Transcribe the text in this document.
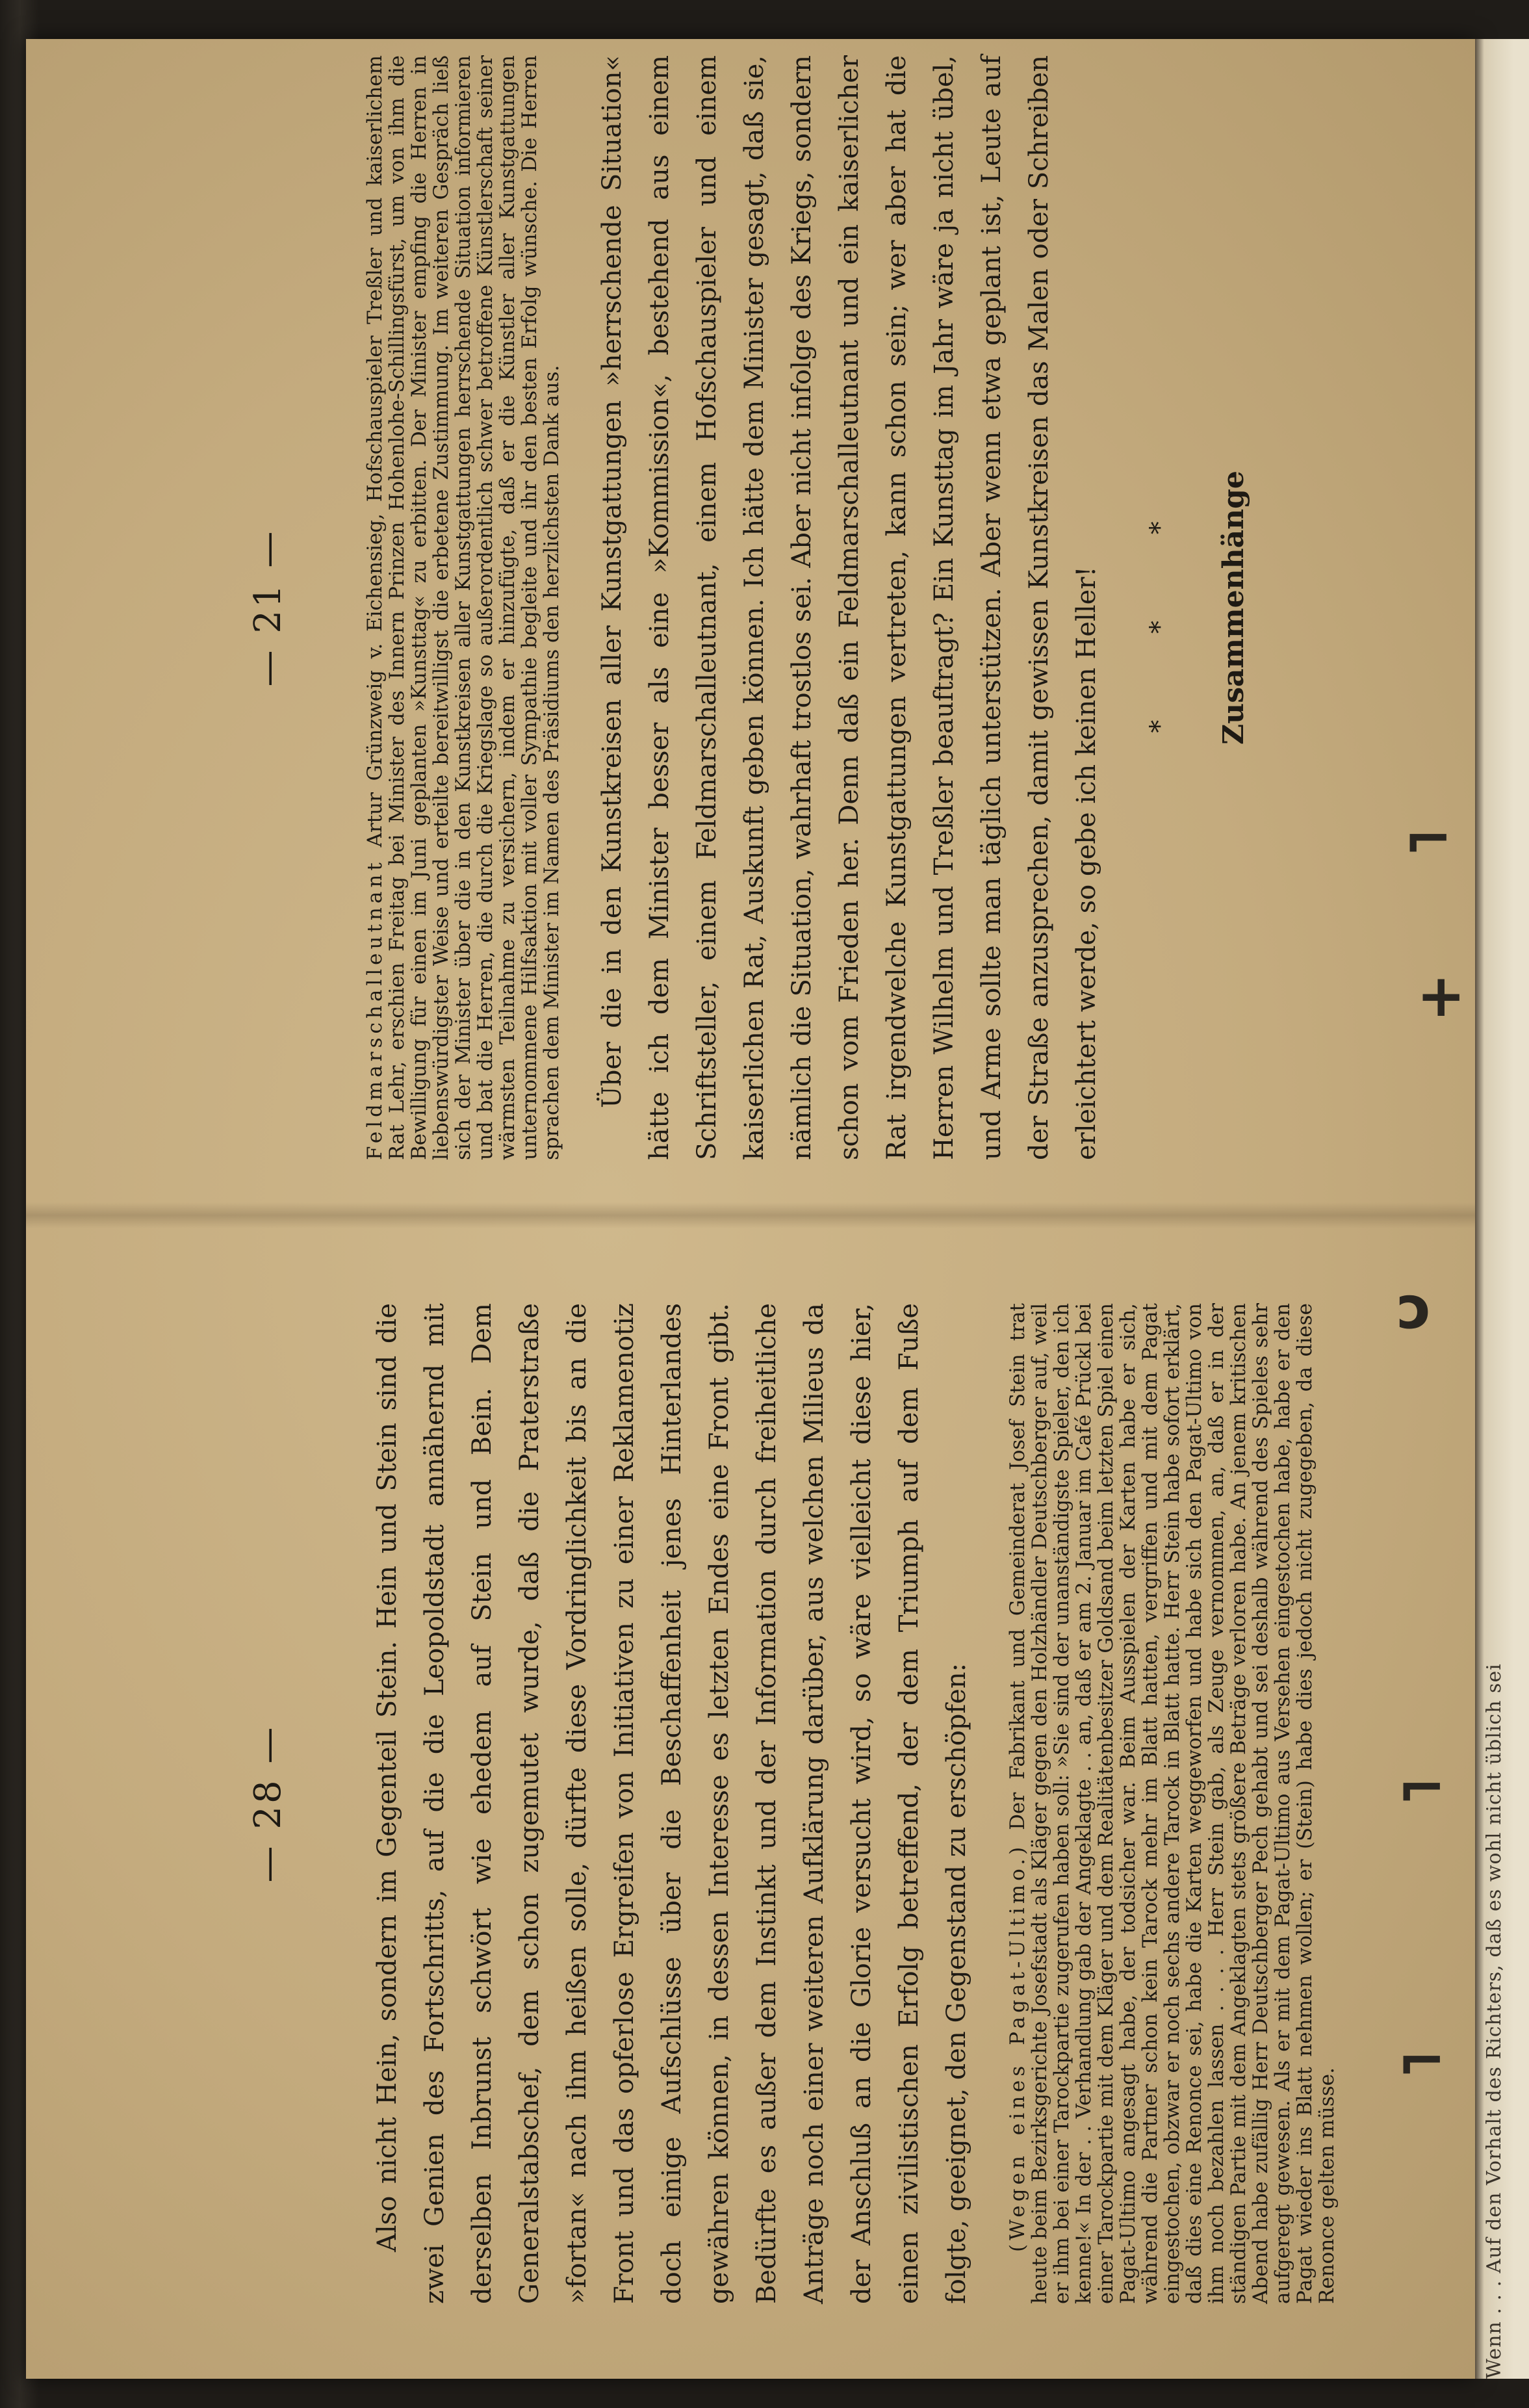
Wenn . . . Auf den Vorhalt des Richters, daß es wohl nicht üblich sei
— 28 —	Also nicht Hein, sondern im Gegenteil Stein. Hein und Stein sind die zwei Genien des Fortschritts, auf die die Leopoldstadt annähernd mit derselben Inbrunst schwört wie ehedem auf Stein und Bein. Dem Generalstabschef, dem schon zugemutet wurde, daß die Praterstraße »fortan« nach ihm heißen solle, dürfte diese Vordringlichkeit bis an die Front und das opferlose Ergreifen von Initiativen zu einer Reklamenotiz doch einige Aufschlüsse über die Beschaffenheit jenes Hinterlandes gewähren können, in dessen Interesse es letzten Endes eine Front gibt. Bedürfte es außer dem Instinkt und der Information durch freiheitliche Anträge noch einer weiteren Aufklärung darüber, aus welchen Milieus da der Anschluß an die Glorie versucht wird, so wäre vielleicht diese hier, einen zivilistischen Erfolg betreffend, der dem Triumph auf dem Fuße folgte, geeignet, den Gegenstand zu erschöpfen:	(Wegen eines Pagat-Ultimo.) Der Fabrikant und Gemeinderat Josef Stein trat heute beim Bezirksgerichte Josefstadt als Kläger gegen den Holzhändler Deutschberger auf, weil er ihm bei einer Tarockpartie zugerufen haben soll: »Sie sind der unanständigste Spieler, den ich kenne!« In der . . Verhandlung gab der Angeklagte . . an, daß er am 2. Januar im Café Prückl bei einer Tarockpartie mit dem Kläger und dem Realitätenbesitzer Goldsand beim letzten Spiel einen Pagat-Ultimo angesagt habe, der todsicher war. Beim Ausspielen der Karten habe er sich, während die Partner schon kein Tarock mehr im Blatt hatten, vergriffen und mit dem Pagat eingestochen, obzwar er noch sechs andere Tarock in Blatt hatte. Herr Stein habe sofort erklärt, daß dies eine Renonce sei, habe die Karten weggeworfen und habe sich den Pagat-Ultimo von ihm noch bezahlen lassen . . . . Herr Stein gab, als Zeuge vernommen, an, daß er in der ständigen Partie mit dem Angeklagten stets größere Beträge verloren habe. An jenem kritischen Abend habe zufällig Herr Deutschberger Pech gehabt und sei deshalb während des Spieles sehr aufgeregt gewesen. Als er mit dem Pagat-Ultimo aus Versehen eingestochen habe, habe er den Pagat wieder ins Blatt nehmen wollen; er (Stein) habe dies jedoch nicht zugegeben, da diese Renonce gelten müsse.

— 21 —

Feldmarschalleutnant Artur Grünzweig v. Eichensieg, Hofschauspieler Treßler und kaiserlichem Rat Lehr, erschien Freitag bei Minister des Innern Prinzen Hohenlohe-Schillingsfürst, um von ihm die Bewilligung für einen im Juni geplanten »Kunsttag« zu erbitten. Der Minister empfing die Herren in liebenswürdigster Weise und erteilte bereitwilligst die erbetene Zustimmung. Im weiteren Gespräch ließ sich der Minister über die in den Kunstkreisen aller Kunstgattungen herrschende Situation informieren und bat die Herren, die durch die Kriegslage so außerordentlich schwer betroffene Künstlerschaft seiner wärmsten Teilnahme zu versichern, indem er hinzufügte, daß er die Künstler aller Kunstgattungen unternommene Hilfsaktion mit voller Sympathie begleite und ihr den besten Erfolg wünsche. Die Herren sprachen dem Minister im Namen des Präsidiums den herzlichsten Dank aus.	Über die in den Kunstkreisen aller Kunstgattungen »herrschende Situation« hätte ich dem Minister besser als eine »Kommission«, bestehend aus einem Schriftsteller, einem Feldmarschalleutnant, einem Hofschauspieler und einem kaiserlichen Rat, Auskunft geben können. Ich hätte dem Minister gesagt, daß sie, nämlich die Situation, wahrhaft trostlos sei. Aber nicht infolge des Kriegs, sondern schon vom Frieden her. Denn daß ein Feldmarschalleutnant und ein kaiserlicher Rat irgendwelche Kunstgattungen vertreten, kann schon sein; wer aber hat die Herren Wilhelm und Treßler beauftragt? Ein Kunsttag im Jahr wäre ja nicht übel, und Arme sollte man täglich unterstützen. Aber wenn etwa geplant ist, Leute auf der Straße anzusprechen, damit gewissen Kunstkreisen das Malen oder Schreiben erleichtert werde, so gebe ich keinen Heller!	* * *	Zusammenhänge

⌐
+
ↄ
⌐
⌐
